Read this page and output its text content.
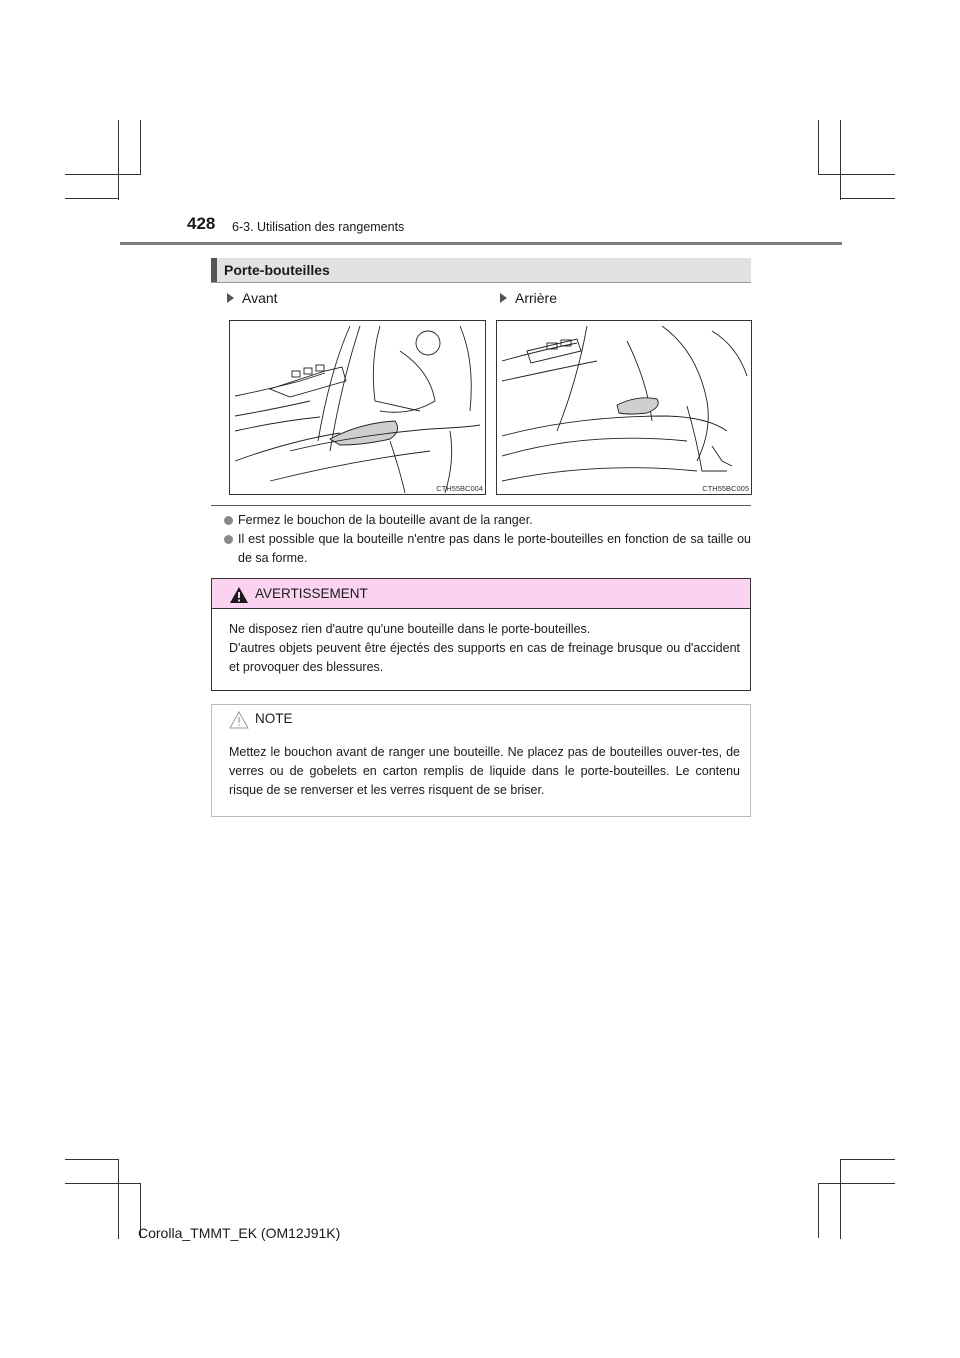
428 6-3. Utilisation des rangements
Porte-bouteilles
Avant	Arrière
CTH55BC004	CTH55BC005
Fermez le bouchon de la bouteille avant de la ranger.
Il est possible que la bouteille n'entre pas dans le porte-bouteilles en fonction de sa taille ou de sa forme.
AVERTISSEMENT
Ne disposez rien d'autre qu'une bouteille dans le porte-bouteilles.
D'autres objets peuvent être éjectés des supports en cas de freinage brusque ou d'accident et provoquer des blessures.
NOTE
Mettez le bouchon avant de ranger une bouteille. Ne placez pas de bouteilles ouver-tes, de verres ou de gobelets en carton remplis de liquide dans le porte-bouteilles. Le contenu risque de se renverser et les verres risquent de se briser.
Corolla_TMMT_EK (OM12J91K)
